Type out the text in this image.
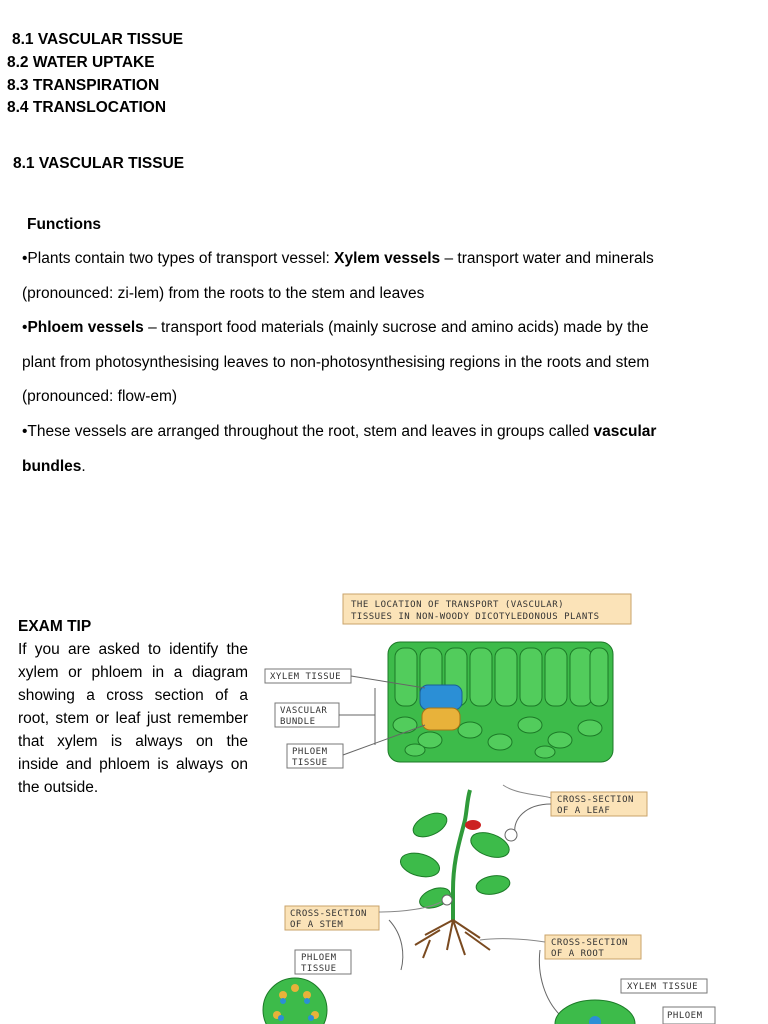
8.1 VASCULAR TISSUE
8.2 WATER UPTAKE
8.3 TRANSPIRATION
8.4 TRANSLOCATION
8.1 VASCULAR TISSUE
Functions
•Plants contain two types of transport vessel: Xylem vessels – transport water and minerals
(pronounced: zi-lem) from the roots to the stem and leaves
•Phloem vessels – transport food materials (mainly sucrose and amino acids) made by the
plant from photosynthesising leaves to non-photosynthesising regions in the roots and stem
(pronounced: flow-em)
•These vessels are arranged throughout the root, stem and leaves in groups called vascular
bundles.
EXAM TIP
If you are asked to identify the xylem or phloem in a diagram showing a cross section of a root, stem or leaf just remember that xylem is always on the inside and phloem is always on the outside.
THE LOCATION OF TRANSPORT (VASCULAR)
TISSUES IN NON-WOODY DICOTYLEDONOUS PLANTS
XYLEM TISSUE
VASCULAR
BUNDLE
PHLOEM
TISSUE
CROSS-SECTION
OF A LEAF
CROSS-SECTION
OF A STEM
PHLOEM
TISSUE
CROSS-SECTION
OF A ROOT
XYLEM TISSUE
PHLOEM
